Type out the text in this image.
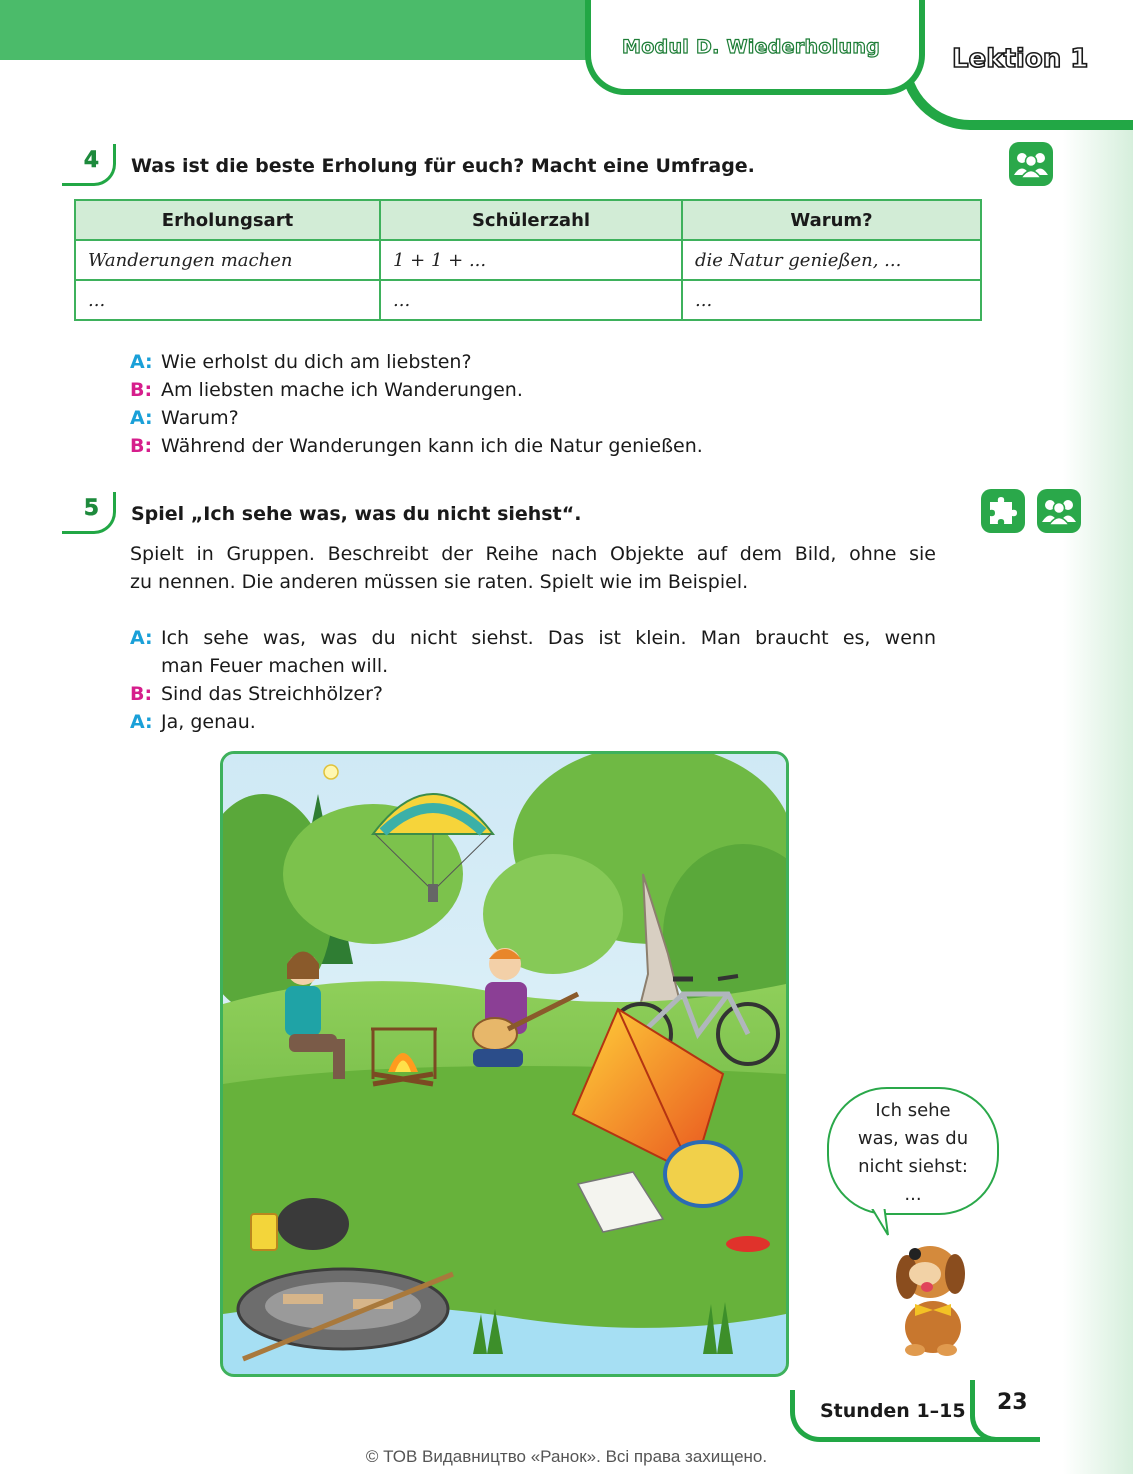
Modul D. Wiederholung	Lektion 1
4 Was ist die beste Erholung für euch? Macht eine Umfrage.
Erholungsart	Schülerzahl	Warum?
Wanderungen machen	1 + 1 + ...	die Natur genießen, ...
...	...	...
A: Wie erholst du dich am liebsten?
B: Am liebsten mache ich Wanderungen.
A: Warum?
B: Während der Wanderungen kann ich die Natur genießen.
5 Spiel „Ich sehe was, was du nicht siehst“.
Spielt in Gruppen. Beschreibt der Reihe nach Objekte auf dem Bild, ohne sie
zu nennen. Die anderen müssen sie raten. Spielt wie im Beispiel.
A: Ich sehe was, was du nicht siehst. Das ist klein. Man braucht es, wenn
man Feuer machen will.
B: Sind das Streichhölzer?
A: Ja, genau.
Ich sehe
was, was du
nicht siehst:
...
Stunden 1–15 23
© ТОВ Видавництво «Ранок». Всі права захищено.
